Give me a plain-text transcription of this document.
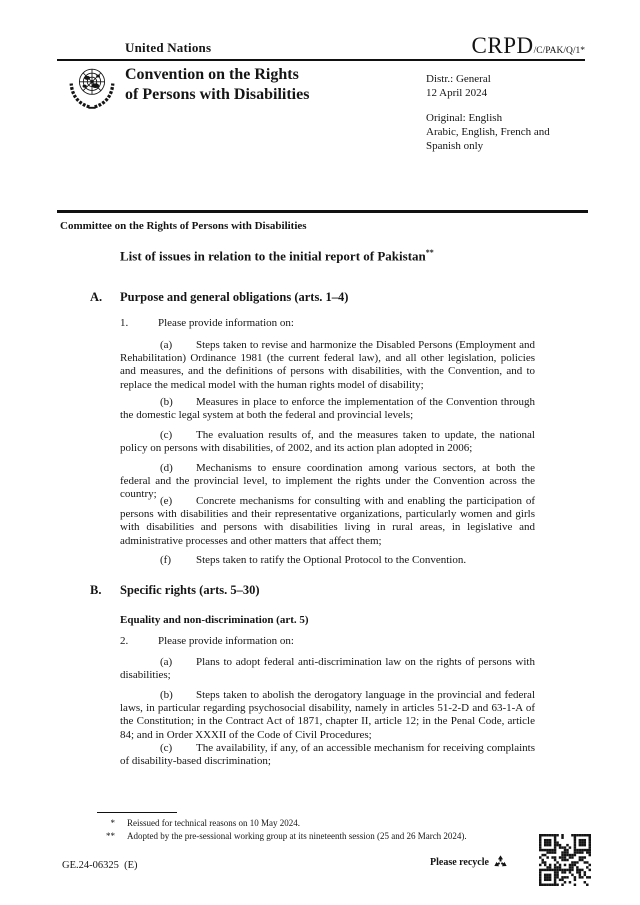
United Nations	CRPD/C/PAK/Q/1*
Convention on the Rights
of Persons with Disabilities
Distr.: General
12 April 2024
Original: English
Arabic, English, French and
Spanish only
Committee on the Rights of Persons with Disabilities
List of issues in relation to the initial report of Pakistan**
A. Purpose and general obligations (arts. 1–4)
1.	Please provide information on:
(a) Steps taken to revise and harmonize the Disabled Persons (Employment and Rehabilitation) Ordinance 1981 (the current federal law), and all other legislation, policies and measures, and the definitions of persons with disabilities, with the Convention, and to replace the medical model with the human rights model of disability;
(b) Measures in place to enforce the implementation of the Convention through the domestic legal system at both the federal and provincial levels;
(c) The evaluation results of, and the measures taken to update, the national policy on persons with disabilities, of 2002, and its action plan adopted in 2006;
(d) Mechanisms to ensure coordination among various sectors, at both the federal and the provincial level, to implement the rights under the Convention across the country;
(e) Concrete mechanisms for consulting with and enabling the participation of persons with disabilities and their representative organizations, particularly women and girls with disabilities and persons with disabilities living in rural areas, in legislative and administrative processes and other matters that affect them;
(f) Steps taken to ratify the Optional Protocol to the Convention.
B. Specific rights (arts. 5–30)
Equality and non-discrimination (art. 5)
2.	Please provide information on:
(a) Plans to adopt federal anti-discrimination law on the rights of persons with disabilities;
(b) Steps taken to abolish the derogatory language in the provincial and federal laws, in particular regarding psychosocial disability, namely in articles 51-2-D and 63-1-A of the Constitution; in the Contract Act of 1871, chapter II, article 12; in the Penal Code, article 84; and in Order XXXII of the Code of Civil Procedures;
(c) The availability, if any, of an accessible mechanism for receiving complaints of disability-based discrimination;
* Reissued for technical reasons on 10 May 2024.
** Adopted by the pre-sessional working group at its nineteenth session (25 and 26 March 2024).
GE.24-06325  (E)	Please recycle
